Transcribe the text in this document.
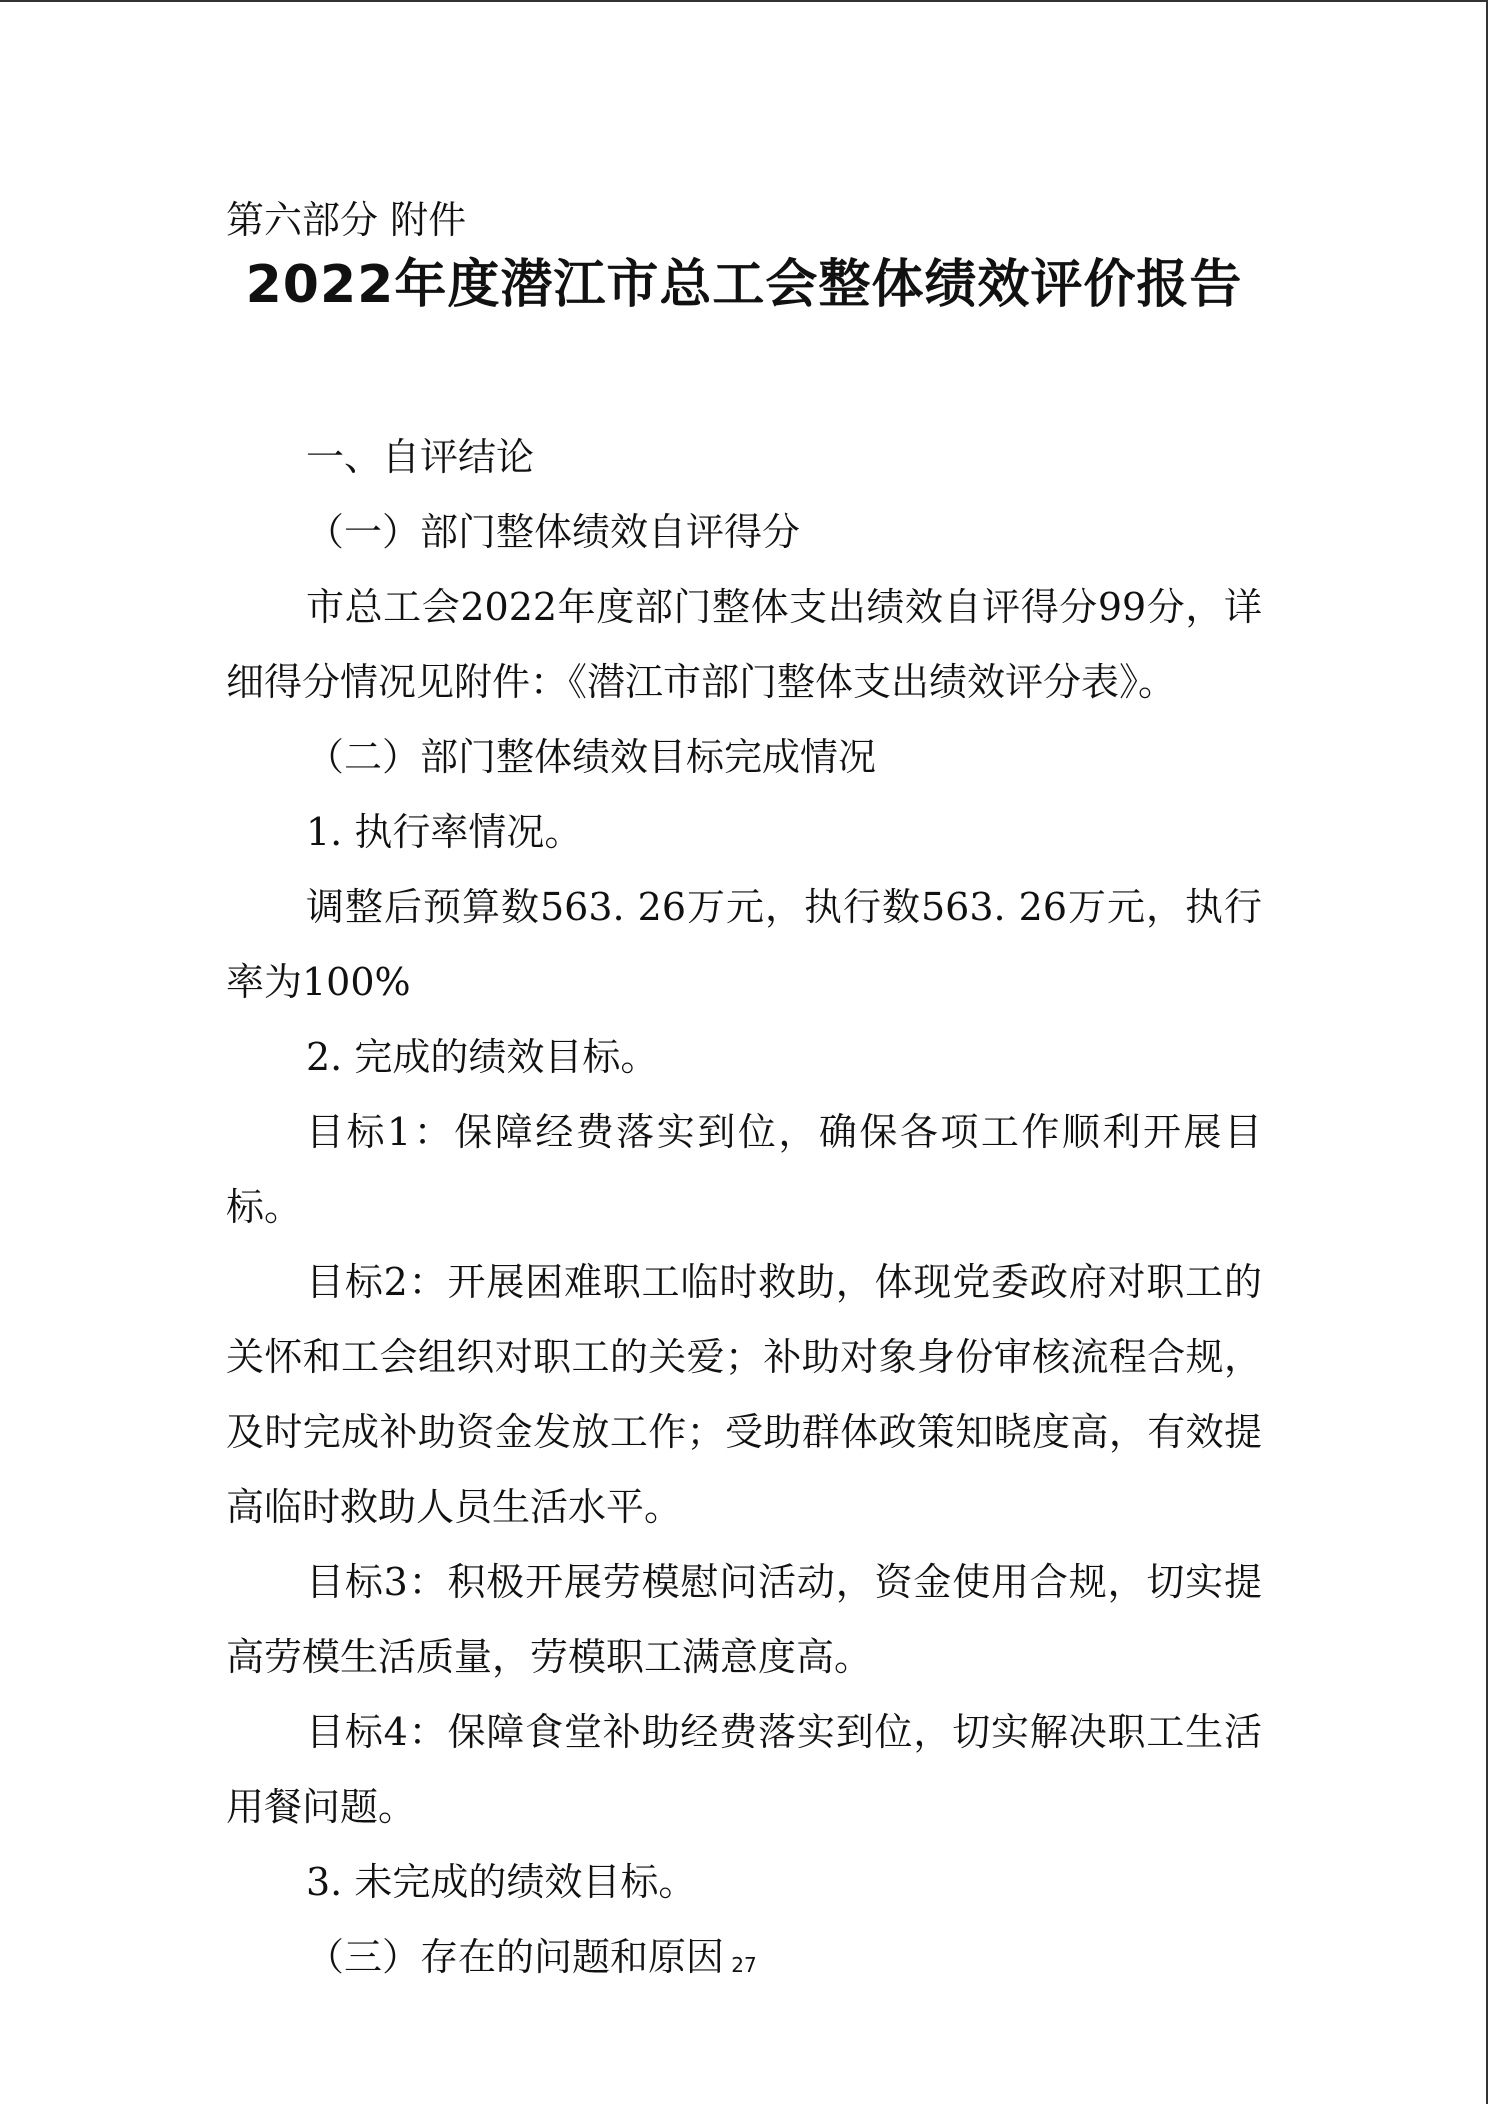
第六部分 附件

2022年度潜江市总工会整体绩效评价报告

一、自评结论

（一）部门整体绩效自评得分

市总工会2022年度部门整体支出绩效自评得分99分，详细得分情况见附件：《潜江市部门整体支出绩效评分表》。

（二）部门整体绩效目标完成情况

1. 执行率情况。

调整后预算数563. 26万元，执行数563. 26万元，执行率为100%

2. 完成的绩效目标。

目标1：保障经费落实到位，确保各项工作顺利开展目标。

目标2：开展困难职工临时救助，体现党委政府对职工的关怀和工会组织对职工的关爱；补助对象身份审核流程合规，及时完成补助资金发放工作；受助群体政策知晓度高，有效提高临时救助人员生活水平。

目标3：积极开展劳模慰问活动，资金使用合规，切实提高劳模生活质量，劳模职工满意度高。

目标4：保障食堂补助经费落实到位，切实解决职工生活用餐问题。

3. 未完成的绩效目标。

（三）存在的问题和原因 27
